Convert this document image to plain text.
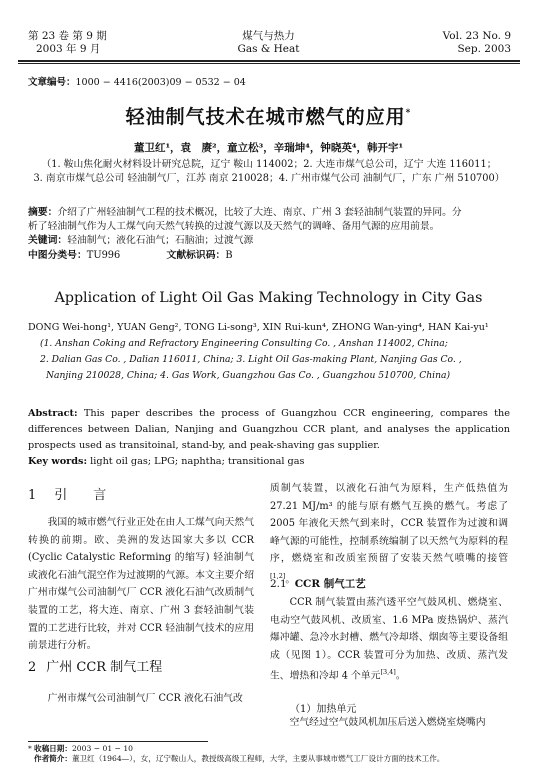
第 23 卷 第 9 期
2003 年 9 月
煤气与热力
Gas & Heat
Vol. 23 No. 9
Sep. 2003
文章编号：1000 − 4416(2003)09 − 0532 − 04
轻油制气技术在城市燃气的应用*
董卫红¹，袁　赓²，童立松³，辛瑞坤⁴，钟晓英⁴，韩开宇¹
（1. 鞍山焦化耐火材料设计研究总院，辽宁 鞍山 114002；2. 大连市煤气总公司，辽宁 大连 116011；
3. 南京市煤气总公司 轻油制气厂，江苏 南京 210028；4. 广州市煤气公司 油制气厂，广东 广州 510700）
摘要：介绍了广州轻油制气工程的技术概况，比较了大连、南京、广州 3 套轻油制气装置的异同。分
析了轻油制气作为人工煤气向天然气转换的过渡气源以及天然气的调峰、备用气源的应用前景。
关键词：轻油制气；液化石油气；石脑油；过渡气源
中图分类号：TU996	文献标识码：B
Application of Light Oil Gas Making Technology in City Gas
DONG Wei-hong¹, YUAN Geng², TONG Li-song³, XIN Rui-kun⁴, ZHONG Wan-ying⁴, HAN Kai-yu¹
(1. Anshan Coking and Refractory Engineering Consulting Co. , Anshan 114002, China;
2. Dalian Gas Co. , Dalian 116011, China; 3. Light Oil Gas-making Plant, Nanjing Gas Co. ,
Nanjing 210028, China; 4. Gas Work, Guangzhou Gas Co. , Guangzhou 510700, China)
Abstract: This paper describes the process of Guangzhou CCR engineering, compares the differences between Dalian, Nanjing and Guangzhou CCR plant, and analyses the application prospects used as transitoinal, stand-by, and peak-shaving gas supplier.
Key words: light oil gas; LPG; naphtha; transitional gas
1 引　　言
我国的城市燃气行业正处在由人工煤气向天然气转换的前期。欧、美洲的发达国家大多以 CCR (Cyclic Catalystic Reforming 的缩写) 轻油制气或液化石油气混空作为过渡期的气源。本文主要介绍广州市煤气公司油制气厂 CCR 液化石油气改质制气装置的工艺，将大连、南京、广州 3 套轻油制气装置的工艺进行比较，并对 CCR 轻油制气技术的应用前景进行分析。
2 广州 CCR 制气工程
广州市煤气公司油制气厂 CCR 液化石油气改
质制气装置，以液化石油气为原料，生产低热值为 27.21 MJ/m³ 的能与原有燃气互换的燃气。考虑了 2005 年液化天然气到来时，CCR 装置作为过渡和调峰气源的可能性，控制系统编制了以天然气为原料的程序，燃烧室和改质室预留了安装天然气喷嘴的接管[1,2]。
2.1 CCR 制气工艺
CCR 制气装置由蒸汽透平空气鼓风机、燃烧室、电动空气鼓风机、改质室、1.6 MPa 废热锅炉、蒸汽爆冲罐、急冷水封槽、燃气冷却塔、烟囱等主要设备组成（见图 1）。CCR 装置可分为加热、改质、蒸汽发生、增热和冷却 4 个单元[3,4]。
（1）加热单元
空气经过空气鼓风机加压后送入燃烧室烧嘴内
* 收稿日期：2003 − 01 − 10
作者简介：董卫红（1964—），女，辽宁鞍山人，教授级高级工程师，大学，主要从事城市燃气工厂设计方面的技术工作。
